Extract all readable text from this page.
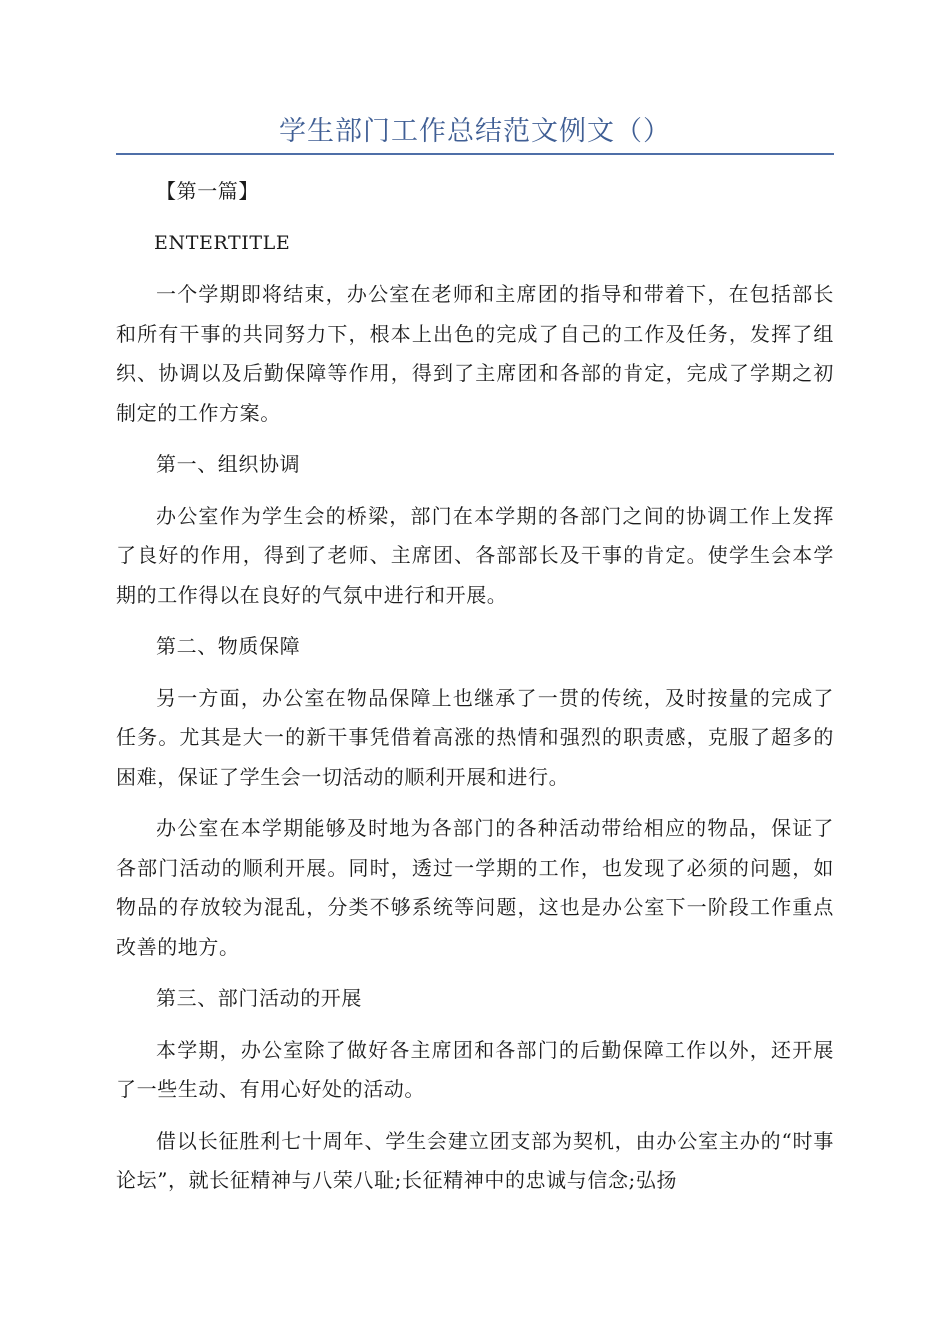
学生部门工作总结范文例文（）

【第一篇】

ENTERTITLE

一个学期即将结束，办公室在老师和主席团的指导和带着下，在包括部长和所有干事的共同努力下，根本上出色的完成了自己的工作及任务，发挥了组织、协调以及后勤保障等作用，得到了主席团和各部的肯定，完成了学期之初制定的工作方案。

第一、组织协调

办公室作为学生会的桥梁，部门在本学期的各部门之间的协调工作上发挥了良好的作用，得到了老师、主席团、各部部长及干事的肯定。使学生会本学期的工作得以在良好的气氛中进行和开展。

第二、物质保障

另一方面，办公室在物品保障上也继承了一贯的传统，及时按量的完成了任务。尤其是大一的新干事凭借着高涨的热情和强烈的职责感，克服了超多的困难，保证了学生会一切活动的顺利开展和进行。

办公室在本学期能够及时地为各部门的各种活动带给相应的物品，保证了各部门活动的顺利开展。同时，透过一学期的工作，也发现了必须的问题，如物品的存放较为混乱，分类不够系统等问题，这也是办公室下一阶段工作重点改善的地方。

第三、部门活动的开展

本学期，办公室除了做好各主席团和各部门的后勤保障工作以外，还开展了一些生动、有用心好处的活动。

借以长征胜利七十周年、学生会建立团支部为契机，由办公室主办的“时事论坛”，就长征精神与八荣八耻;长征精神中的忠诚与信念;弘扬
